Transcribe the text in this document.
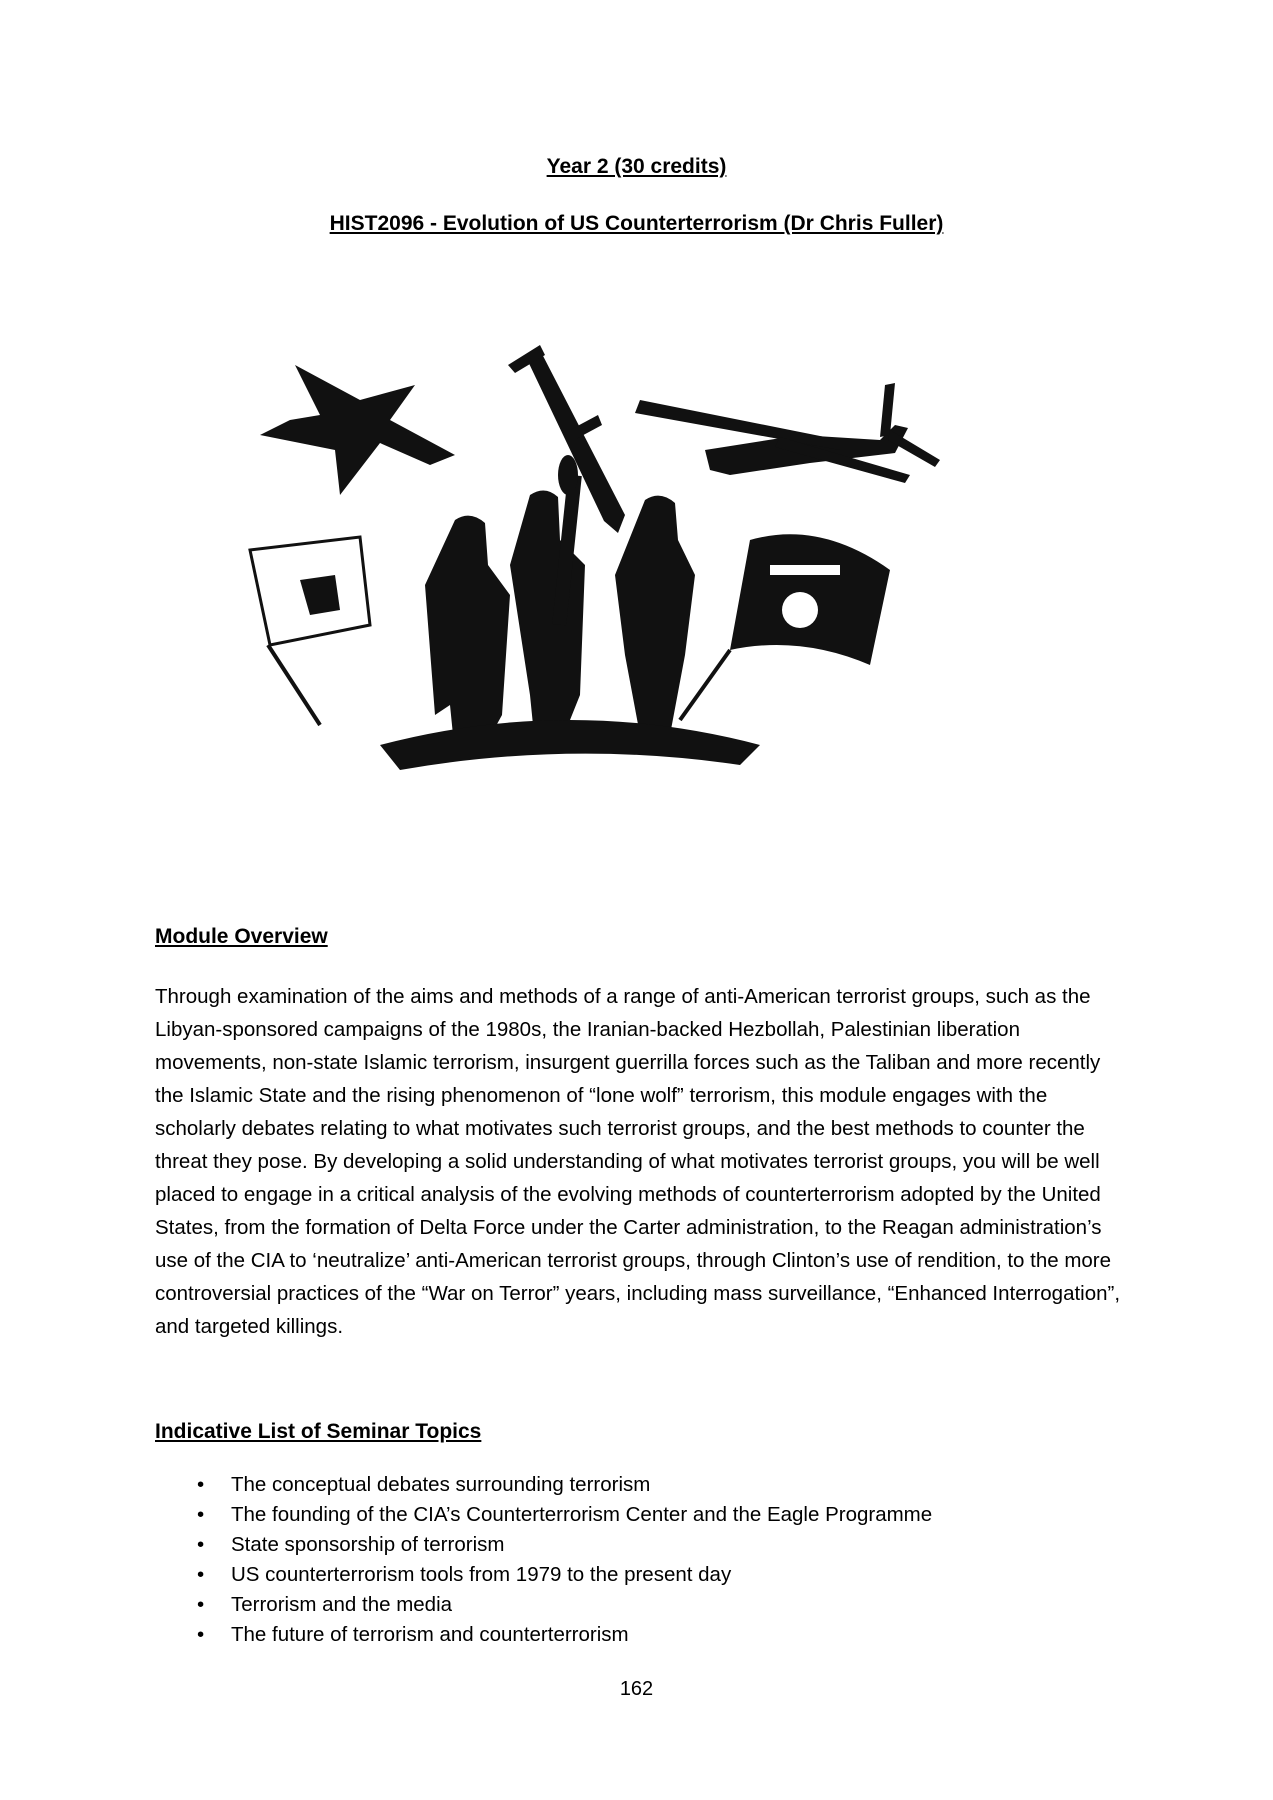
Year 2 (30 credits)
HIST2096 - Evolution of US Counterterrorism (Dr Chris Fuller)
Module Overview
Through examination of the aims and methods of a range of anti-American terrorist groups, such as the Libyan-sponsored campaigns of the 1980s, the Iranian-backed Hezbollah, Palestinian liberation movements, non-state Islamic terrorism, insurgent guerrilla forces such as the Taliban and more recently the Islamic State and the rising phenomenon of “lone wolf” terrorism, this module engages with the scholarly debates relating to what motivates such terrorist groups, and the best methods to counter the threat they pose. By developing a solid understanding of what motivates terrorist groups, you will be well placed to engage in a critical analysis of the evolving methods of counterterrorism adopted by the United States, from the formation of Delta Force under the Carter administration, to the Reagan administration’s use of the CIA to ‘neutralize’ anti-American terrorist groups, through Clinton’s use of rendition, to the more controversial practices of the “War on Terror” years, including mass surveillance, “Enhanced Interrogation”, and targeted killings.
Indicative List of Seminar Topics
• The conceptual debates surrounding terrorism
• The founding of the CIA’s Counterterrorism Center and the Eagle Programme
• State sponsorship of terrorism
• US counterterrorism tools from 1979 to the present day
• Terrorism and the media
• The future of terrorism and counterterrorism
162
